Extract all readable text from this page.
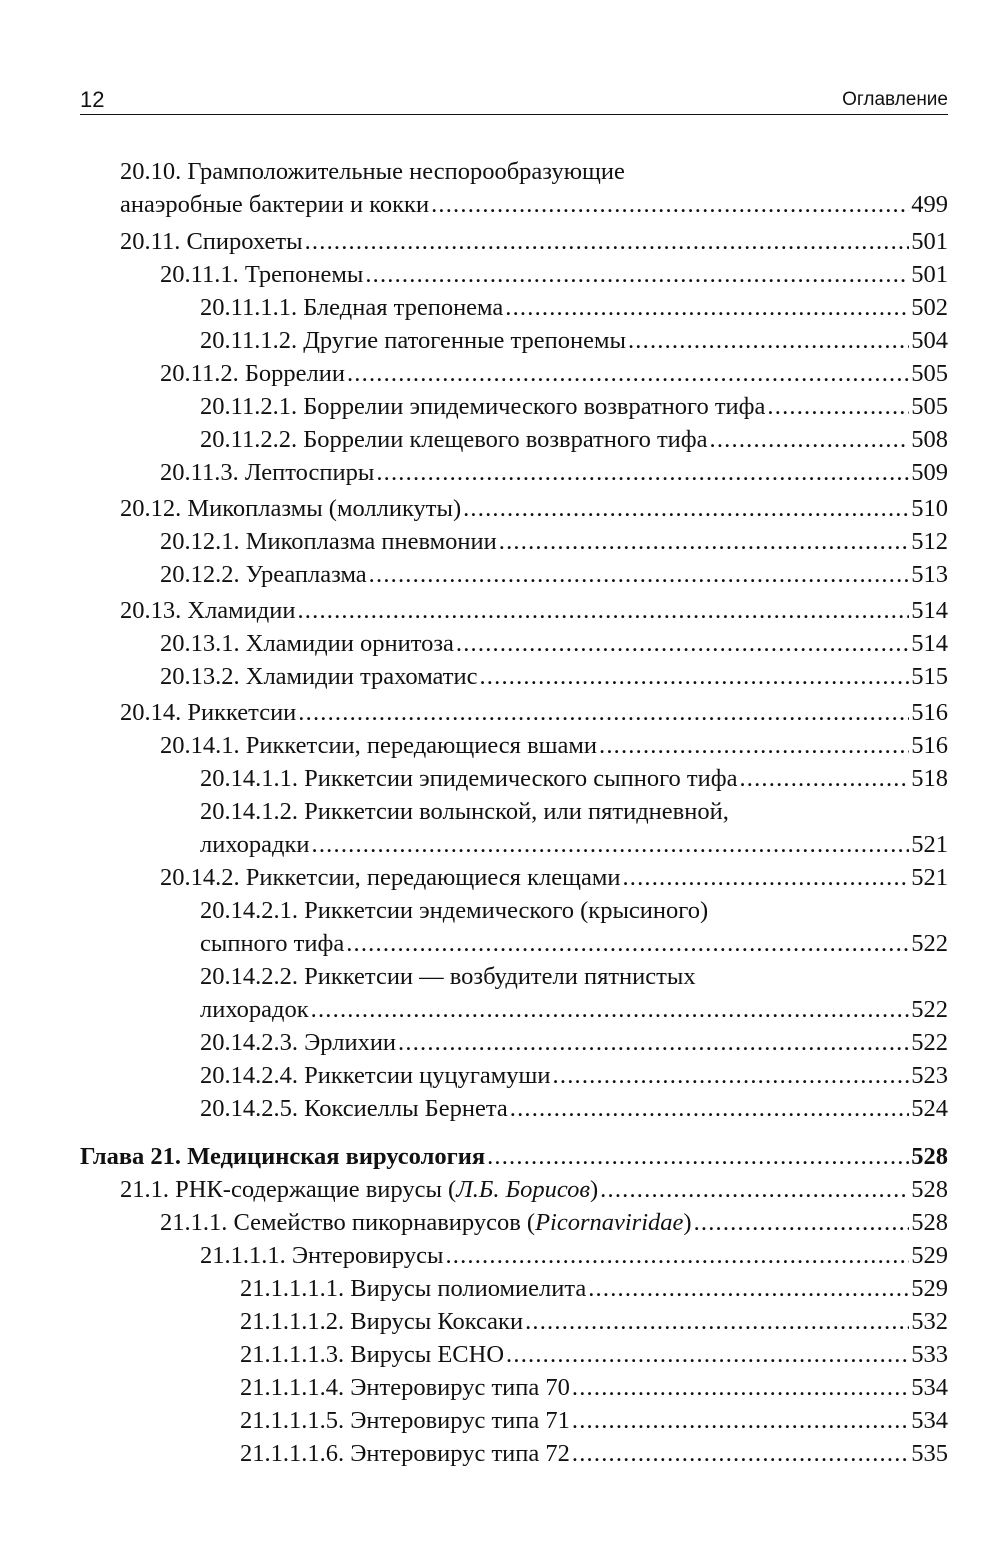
12	Оглавление
20.10. Грамположительные неспорообразующие
анаэробные бактерии и кокки .....	499
20.11. Спирохеты .....	501
20.11.1. Трепонемы .....	501
20.11.1.1. Бледная трепонема .....	502
20.11.1.2. Другие патогенные трепонемы .....	504
20.11.2. Боррелии .....	505
20.11.2.1. Боррелии эпидемического возвратного тифа .....	505
20.11.2.2. Боррелии клещевого возвратного тифа .....	508
20.11.3. Лептоспиры .....	509
20.12. Микоплазмы (молликуты) .....	510
20.12.1. Микоплазма пневмонии .....	512
20.12.2. Уреаплазма .....	513
20.13. Хламидии .....	514
20.13.1. Хламидии орнитоза .....	514
20.13.2. Хламидии трахоматис .....	515
20.14. Риккетсии .....	516
20.14.1. Риккетсии, передающиеся вшами .....	516
20.14.1.1. Риккетсии эпидемического сыпного тифа .....	518
20.14.1.2. Риккетсии волынской, или пятидневной,
лихорадки .....	521
20.14.2. Риккетсии, передающиеся клещами .....	521
20.14.2.1. Риккетсии эндемического (крысиного)
сыпного тифа .....	522
20.14.2.2. Риккетсии — возбудители пятнистых
лихорадок .....	522
20.14.2.3. Эрлихии .....	522
20.14.2.4. Риккетсии цуцугамуши .....	523
20.14.2.5. Коксиеллы Бернета .....	524
Глава 21. Медицинская вирусология .....	528
21.1. РНК-содержащие вирусы (Л.Б. Борисов) .....	528
21.1.1. Семейство пикорнавирусов (Picornaviridae) .....	528
21.1.1.1. Энтеровирусы .....	529
21.1.1.1.1. Вирусы полиомиелита .....	529
21.1.1.1.2. Вирусы Коксаки .....	532
21.1.1.1.3. Вирусы ЕСНО .....	533
21.1.1.1.4. Энтеровирус типа 70 .....	534
21.1.1.1.5. Энтеровирус типа 71 .....	534
21.1.1.1.6. Энтеровирус типа 72 .....	535
